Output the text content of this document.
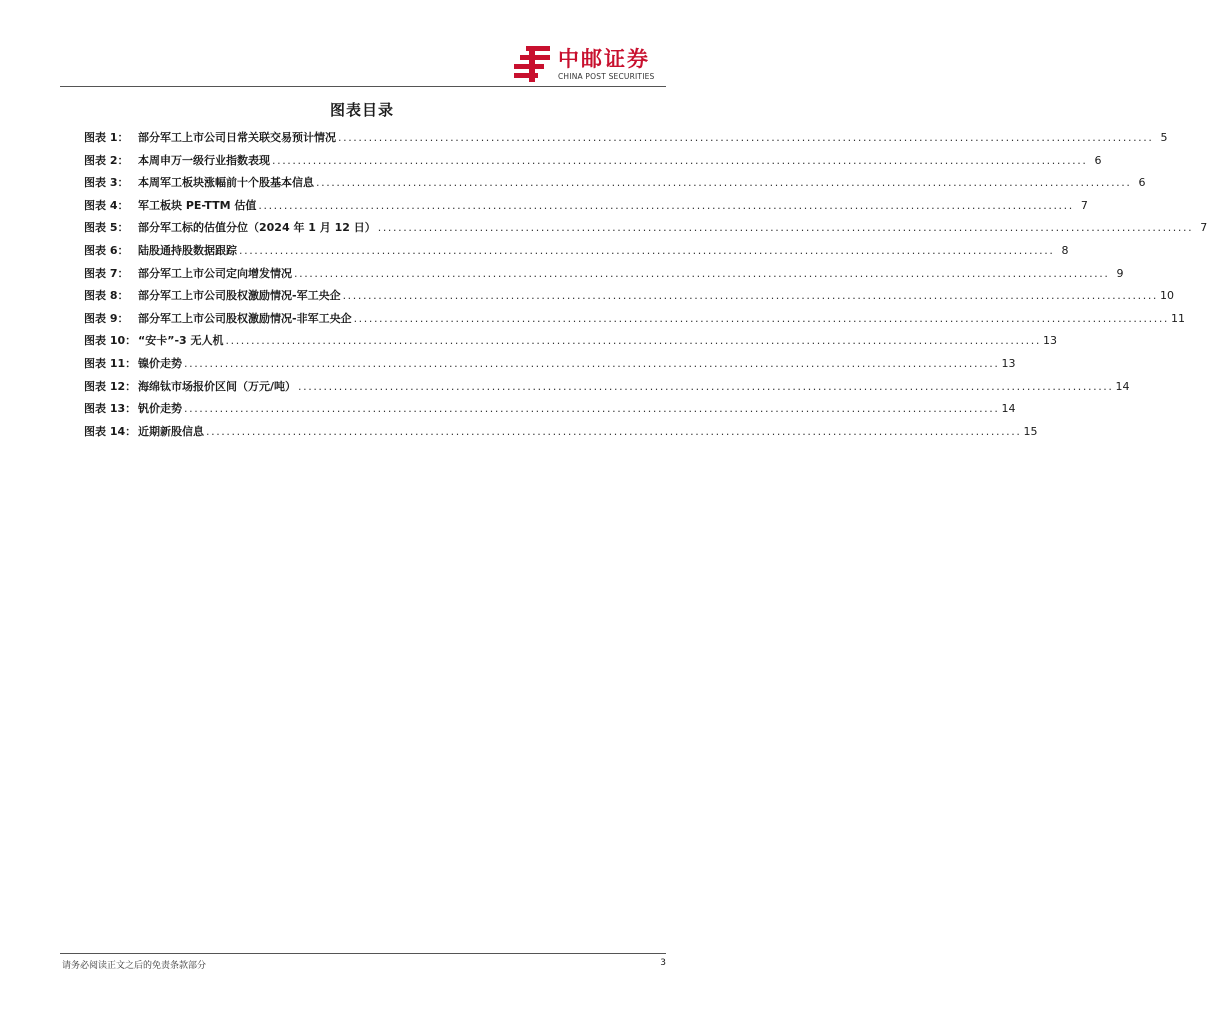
中邮证券
CHINA POST SECURITIES
图表目录
图表 1： 部分军工上市公司日常关联交易预计情况 ................................................................................................................................................................ 5
图表 2： 本周申万一级行业指数表现 ................................................................................................................................................................ 6
图表 3： 本周军工板块涨幅前十个股基本信息 ................................................................................................................................................................ 6
图表 4： 军工板块 PE-TTM 估值 ................................................................................................................................................................ 7
图表 5： 部分军工标的估值分位（2024 年 1 月 12 日） ................................................................................................................................................................ 7
图表 6： 陆股通持股数据跟踪 ................................................................................................................................................................ 8
图表 7： 部分军工上市公司定向增发情况 ................................................................................................................................................................ 9
图表 8： 部分军工上市公司股权激励情况-军工央企 ................................................................................................................................................................ 10
图表 9： 部分军工上市公司股权激励情况-非军工央企 ................................................................................................................................................................ 11
图表 10： “安卡”-3 无人机 ................................................................................................................................................................ 13
图表 11： 镍价走势 ................................................................................................................................................................ 13
图表 12： 海绵钛市场报价区间（万元/吨） ................................................................................................................................................................ 14
图表 13： 钒价走势 ................................................................................................................................................................ 14
图表 14： 近期新股信息 ................................................................................................................................................................ 15
请务必阅读正文之后的免责条款部分	3
